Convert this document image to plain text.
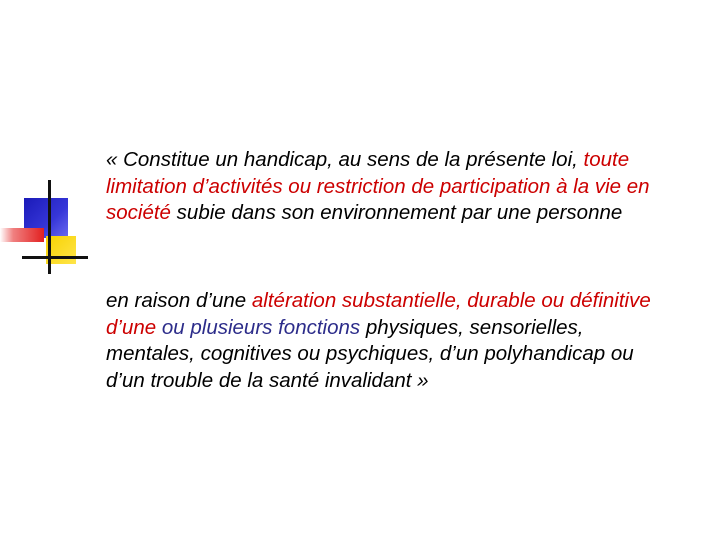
« Constitue un handicap, au sens de la présente loi, toute limitation d’activités ou restriction de participation à la vie en société subie dans son environnement par une personne

en raison d’une altération substantielle, durable ou définitive d’une ou plusieurs fonctions physiques, sensorielles, mentales, cognitives ou psychiques, d’un polyhandicap ou d’un trouble de la santé invalidant »
